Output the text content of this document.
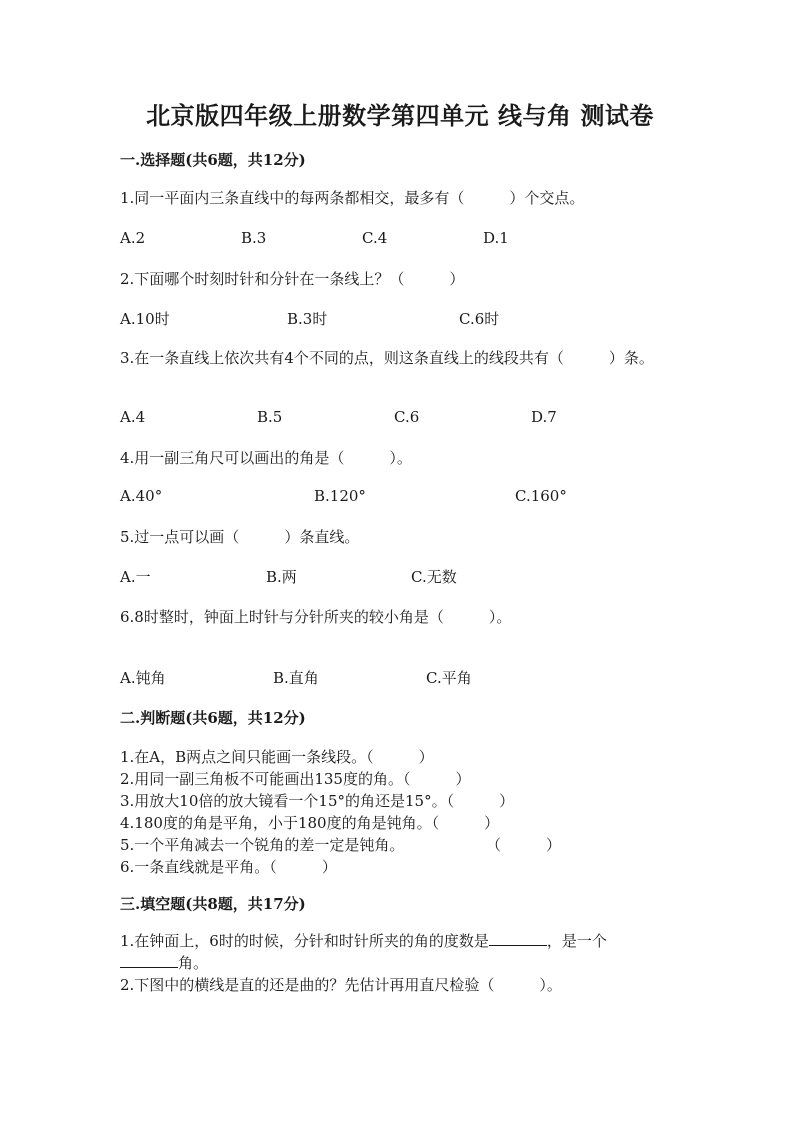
北京版四年级上册数学第四单元 线与角 测试卷
一.选择题(共6题，共12分)
1.同一平面内三条直线中的每两条都相交，最多有（　　　）个交点。
A.2	B.3	C.4	D.1
2.下面哪个时刻时针和分针在一条线上？（　　　）
A.10时	B.3时	C.6时
3.在一条直线上依次共有4个不同的点，则这条直线上的线段共有（　　　）条。
A.4	B.5	C.6	D.7
4.用一副三角尺可以画出的角是（　　　）。
A.40°	B.120°	C.160°
5.过一点可以画（　　　）条直线。
A.一	B.两	C.无数
6.8时整时，钟面上时针与分针所夹的较小角是（　　　）。
A.钝角	B.直角	C.平角
二.判断题(共6题，共12分)
1.在A，B两点之间只能画一条线段。（　　　）
2.用同一副三角板不可能画出135度的角。（　　　）
3.用放大10倍的放大镜看一个15°的角还是15°。（　　　）
4.180度的角是平角，小于180度的角是钝角。（　　　）
5.一个平角减去一个锐角的差一定是钝角。	（　　　）
6.一条直线就是平角。（　　　）
三.填空题(共8题，共17分)
1.在钟面上，6时的时候，分针和时针所夹的角的度数是	，是一个
角。
2.下图中的横线是直的还是曲的？先估计再用直尺检验（　　　）。
